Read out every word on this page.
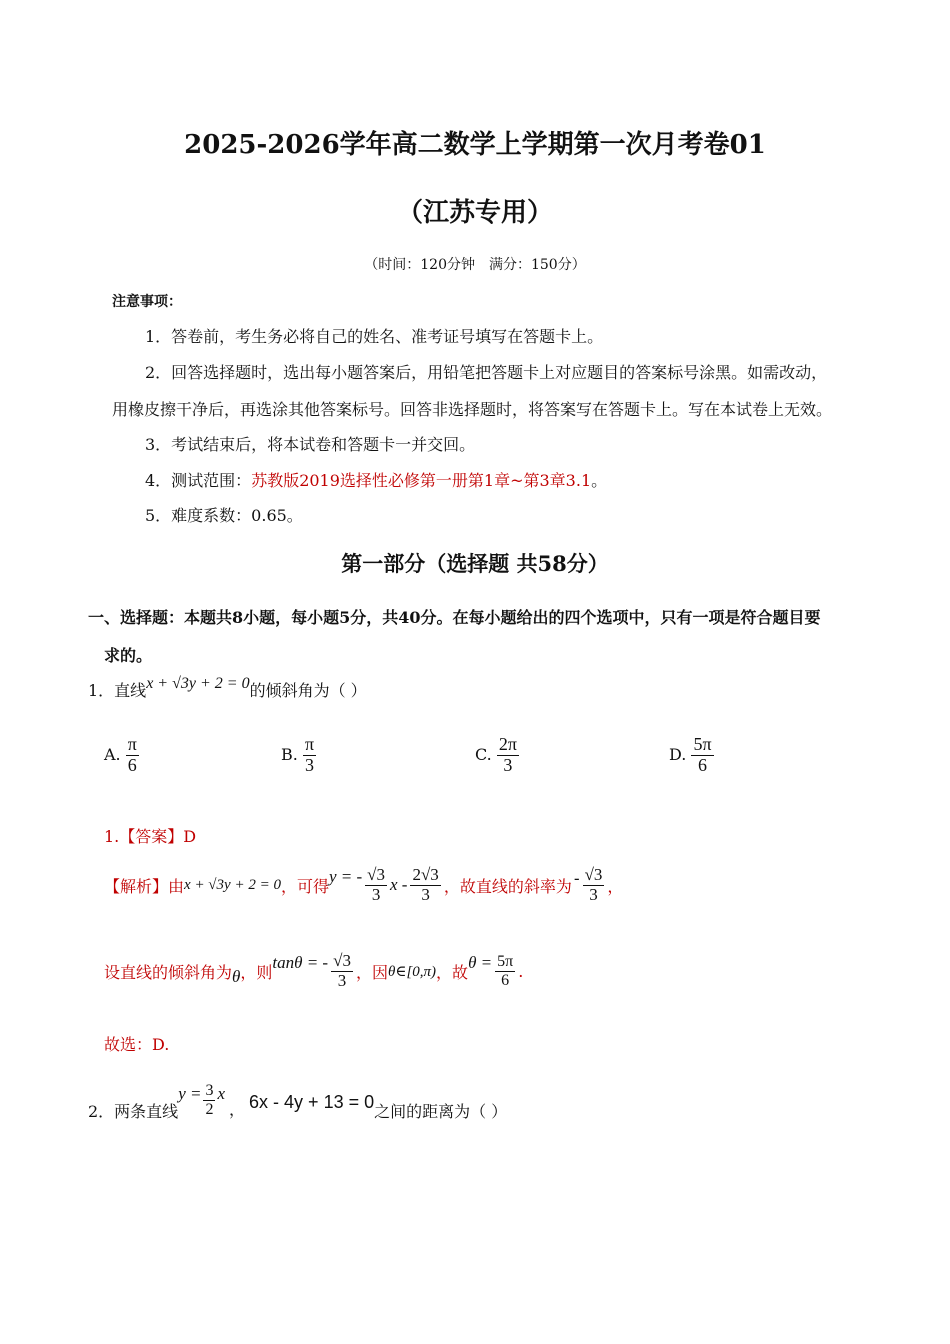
2025-2026学年高二数学上学期第一次月考卷01
（江苏专用）
（时间：120分钟　满分：150分）
注意事项：
1．答卷前，考生务必将自己的姓名、准考证号填写在答题卡上。
2．回答选择题时，选出每小题答案后，用铅笔把答题卡上对应题目的答案标号涂黑。如需改动，
用橡皮擦干净后，再选涂其他答案标号。回答非选择题时，将答案写在答题卡上。写在本试卷上无效。
3．考试结束后，将本试卷和答题卡一并交回。
4．测试范围：苏教版2019选择性必修第一册第1章~第3章3.1。
5．难度系数：0.65。
第一部分（选择题 共58分）
一、选择题：本题共8小题，每小题5分，共40分。在每小题给出的四个选项中，只有一项是符合题目要
求的。
1．直线x + √3y + 2 = 0的倾斜角为（ ）
A. $\frac{\pi}{6}$	B. $\frac{\pi}{3}$	C. $\frac{2\pi}{3}$	D. $\frac{5\pi}{6}$
1.【答案】D
【解析】 由 x + √3y + 2 = 0 ，可得 y = - $\frac{√3}{3}$ x - $\frac{2√3}{3}$ ，故直线的斜率为 - $\frac{√3}{3}$ ，
设直线的倾斜角为 θ ，则 tanθ = - $\frac{√3}{3}$ ，因 θ∈[0,π) ，故 $\theta = \frac{5\pi}{6}$ .
故选：D.
2．两条直线
$y = \frac{3}{2}$ x
， 6x - 4y + 13 = 0 之间的距离为（ ）
